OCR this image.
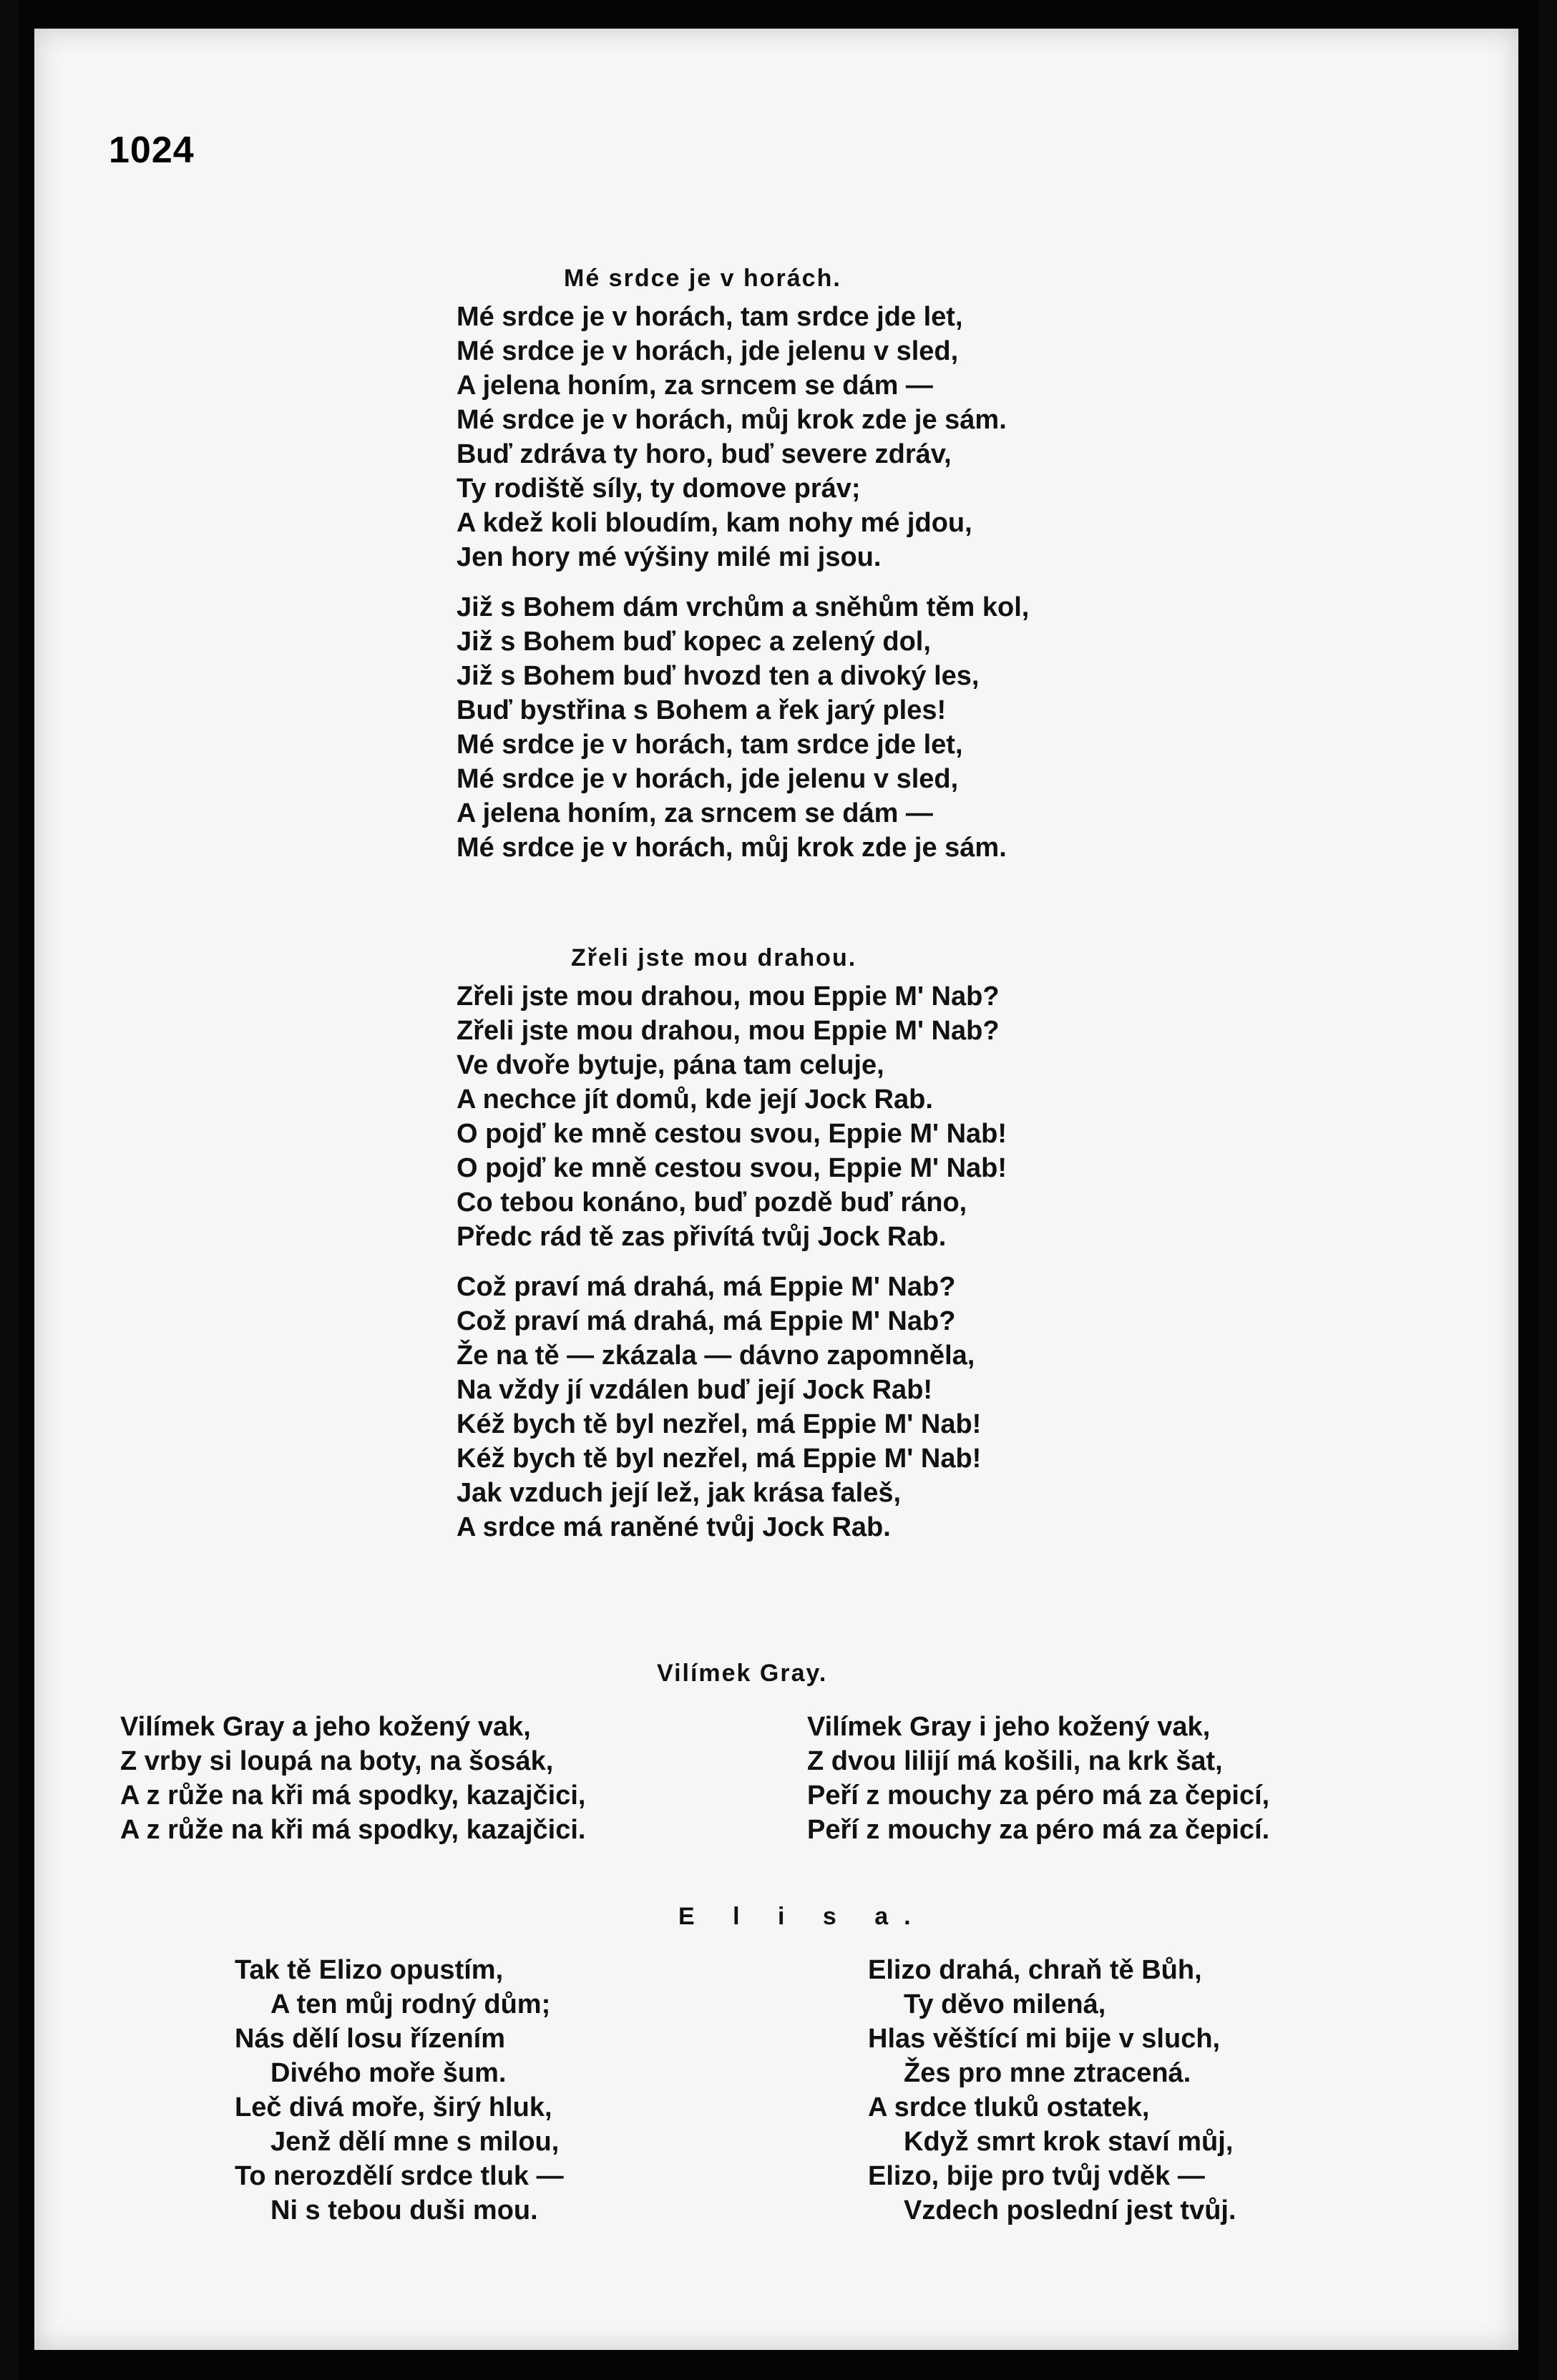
1024
Mé srdce je v horách.
Mé srdce je v horách, tam srdce jde let,
Mé srdce je v horách, jde jelenu v sled,
A jelena honím, za srncem se dám —
Mé srdce je v horách, můj krok zde je sám.
Buď zdráva ty horo, buď severe zdráv,
Ty rodiště síly, ty domove práv;
A kdež koli bloudím, kam nohy mé jdou,
Jen hory mé výšiny milé mi jsou.
Již s Bohem dám vrchům a sněhům těm kol,
Již s Bohem buď kopec a zelený dol,
Již s Bohem buď hvozd ten a divoký les,
Buď bystřina s Bohem a řek jarý ples!
Mé srdce je v horách, tam srdce jde let,
Mé srdce je v horách, jde jelenu v sled,
A jelena honím, za srncem se dám —
Mé srdce je v horách, můj krok zde je sám.
Zřeli jste mou drahou.
Zřeli jste mou drahou, mou Eppie M' Nab?
Zřeli jste mou drahou, mou Eppie M' Nab?
Ve dvoře bytuje, pána tam celuje,
A nechce jít domů, kde její Jock Rab.
O pojď ke mně cestou svou, Eppie M' Nab!
O pojď ke mně cestou svou, Eppie M' Nab!
Co tebou konáno, buď pozdě buď ráno,
Předc rád tě zas přivítá tvůj Jock Rab.
Což praví má drahá, má Eppie M' Nab?
Což praví má drahá, má Eppie M' Nab?
Že na tě — zkázala — dávno zapomněla,
Na vždy jí vzdálen buď její Jock Rab!
Kéž bych tě byl nezřel, má Eppie M' Nab!
Kéž bych tě byl nezřel, má Eppie M' Nab!
Jak vzduch její lež, jak krása faleš,
A srdce má raněné tvůj Jock Rab.
Vilímek Gray.
Vilímek Gray a jeho kožený vak,
Z vrby si loupá na boty, na šosák,
A z růže na kři má spodky, kazajčici,
A z růže na kři má spodky, kazajčici.
Vilímek Gray i jeho kožený vak,
Z dvou lilijí má košili, na krk šat,
Peří z mouchy za péro má za čepicí,
Peří z mouchy za péro má za čepicí.
E l i s a.
Tak tě Elizo opustím,
A ten můj rodný dům;
Nás dělí losu řízením
Divého moře šum.
Leč divá moře, širý hluk,
Jenž dělí mne s milou,
To nerozdělí srdce tluk —
Ni s tebou duši mou.
Elizo drahá, chraň tě Bůh,
Ty děvo milená,
Hlas věštící mi bije v sluch,
Žes pro mne ztracená.
A srdce tluků ostatek,
Když smrt krok staví můj,
Elizo, bije pro tvůj vděk —
Vzdech poslední jest tvůj.
